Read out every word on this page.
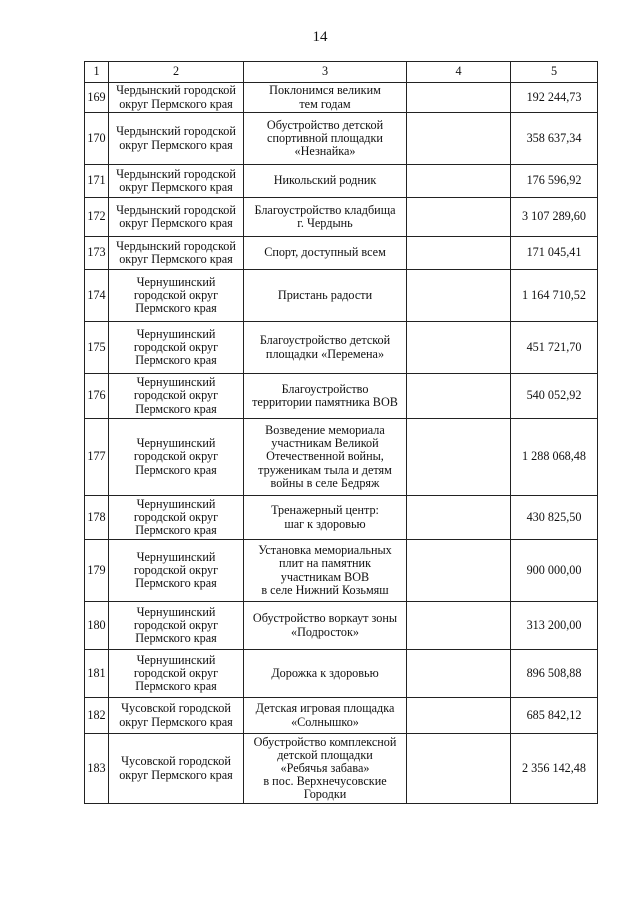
14
1	2	3	4	5

169	Чердынский городской
округ Пермского края	Поклонимся великим
тем годам		192 244,73

170	Чердынский городской
округ Пермского края	Обустройство детской
спортивной площадки
«Незнайка»		358 637,34

171	Чердынский городской
округ Пермского края	Никольский родник		176 596,92

172	Чердынский городской
округ Пермского края	Благоустройство кладбища
г. Чердынь		3 107 289,60

173	Чердынский городской
округ Пермского края	Спорт, доступный всем		171 045,41

174	Чернушинский
городской округ
Пермского края	Пристань радости		1 164 710,52

175	Чернушинский
городской округ
Пермского края	Благоустройство детской
площадки «Перемена»		451 721,70

176	Чернушинский
городской округ
Пермского края	Благоустройство
территории памятника ВОВ		540 052,92

177	Чернушинский
городской округ
Пермского края	Возведение мемориала
участникам Великой
Отечественной войны,
труженикам тыла и детям
войны в селе Бедряж		1 288 068,48

178	Чернушинский
городской округ
Пермского края	Тренажерный центр:
шаг к здоровью		430 825,50

179	Чернушинский
городской округ
Пермского края	Установка мемориальных
плит на памятник
участникам ВОВ
в селе Нижний Козьмяш		900 000,00

180	Чернушинский
городской округ
Пермского края	Обустройство воркаут зоны
«Подросток»		313 200,00

181	Чернушинский
городской округ
Пермского края	Дорожка к здоровью		896 508,88

182	Чусовской городской
округ Пермского края	Детская игровая площадка
«Солнышко»		685 842,12

183	Чусовской городской
округ Пермского края	Обустройство комплексной
детской площадки
«Ребячья забава»
в пос. Верхнечусовские
Городки		2 356 142,48
